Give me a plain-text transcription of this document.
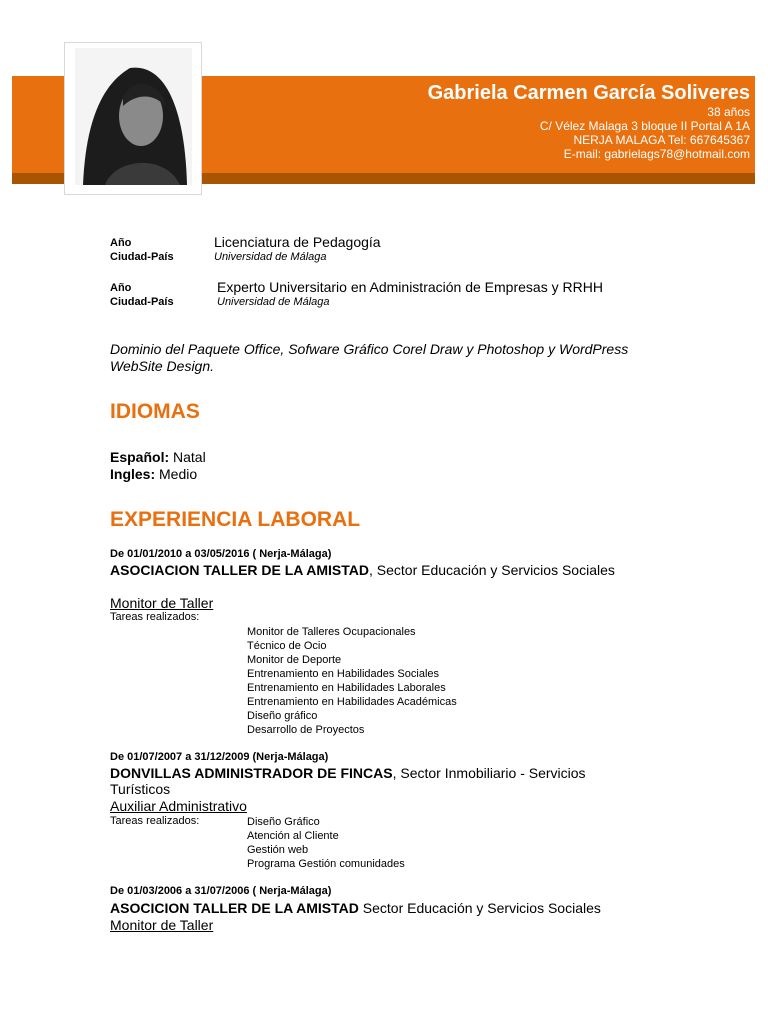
Gabriela Carmen García Soliveres
38 años
C/ Vélez Malaga 3 bloque II Portal A 1A
NERJA MALAGA Tel: 667645367
E-mail: gabrielags78@hotmail.com
Año
Ciudad-País
Licenciatura de Pedagogía
Universidad de Málaga
Año
Ciudad-País
Experto Universitario en Administración de Empresas y RRHH
Universidad de Málaga
Dominio del Paquete Office, Sofware Gráfico Corel Draw y Photoshop y WordPress WebSite Design.
IDIOMAS
Español: Natal
Ingles: Medio
EXPERIENCIA LABORAL
De 01/01/2010 a 03/05/2016 ( Nerja-Málaga)
ASOCIACION TALLER DE LA AMISTAD, Sector Educación y Servicios Sociales
Monitor de Taller
Tareas realizados:
Monitor de Talleres Ocupacionales
Técnico de Ocio
Monitor de Deporte
Entrenamiento en Habilidades Sociales
Entrenamiento en Habilidades Laborales
Entrenamiento en Habilidades Académicas
Diseño gráfico
Desarrollo de Proyectos
De 01/07/2007 a 31/12/2009 (Nerja-Málaga)
DONVILLAS ADMINISTRADOR DE FINCAS, Sector Inmobiliario - Servicios Turísticos
Auxiliar Administrativo
Tareas realizados:	Diseño Gráfico
Atención al Cliente
Gestión web
Programa Gestión comunidades
De 01/03/2006 a 31/07/2006 ( Nerja-Málaga)
ASOCICION TALLER DE LA AMISTAD Sector Educación y Servicios Sociales
Monitor de Taller
